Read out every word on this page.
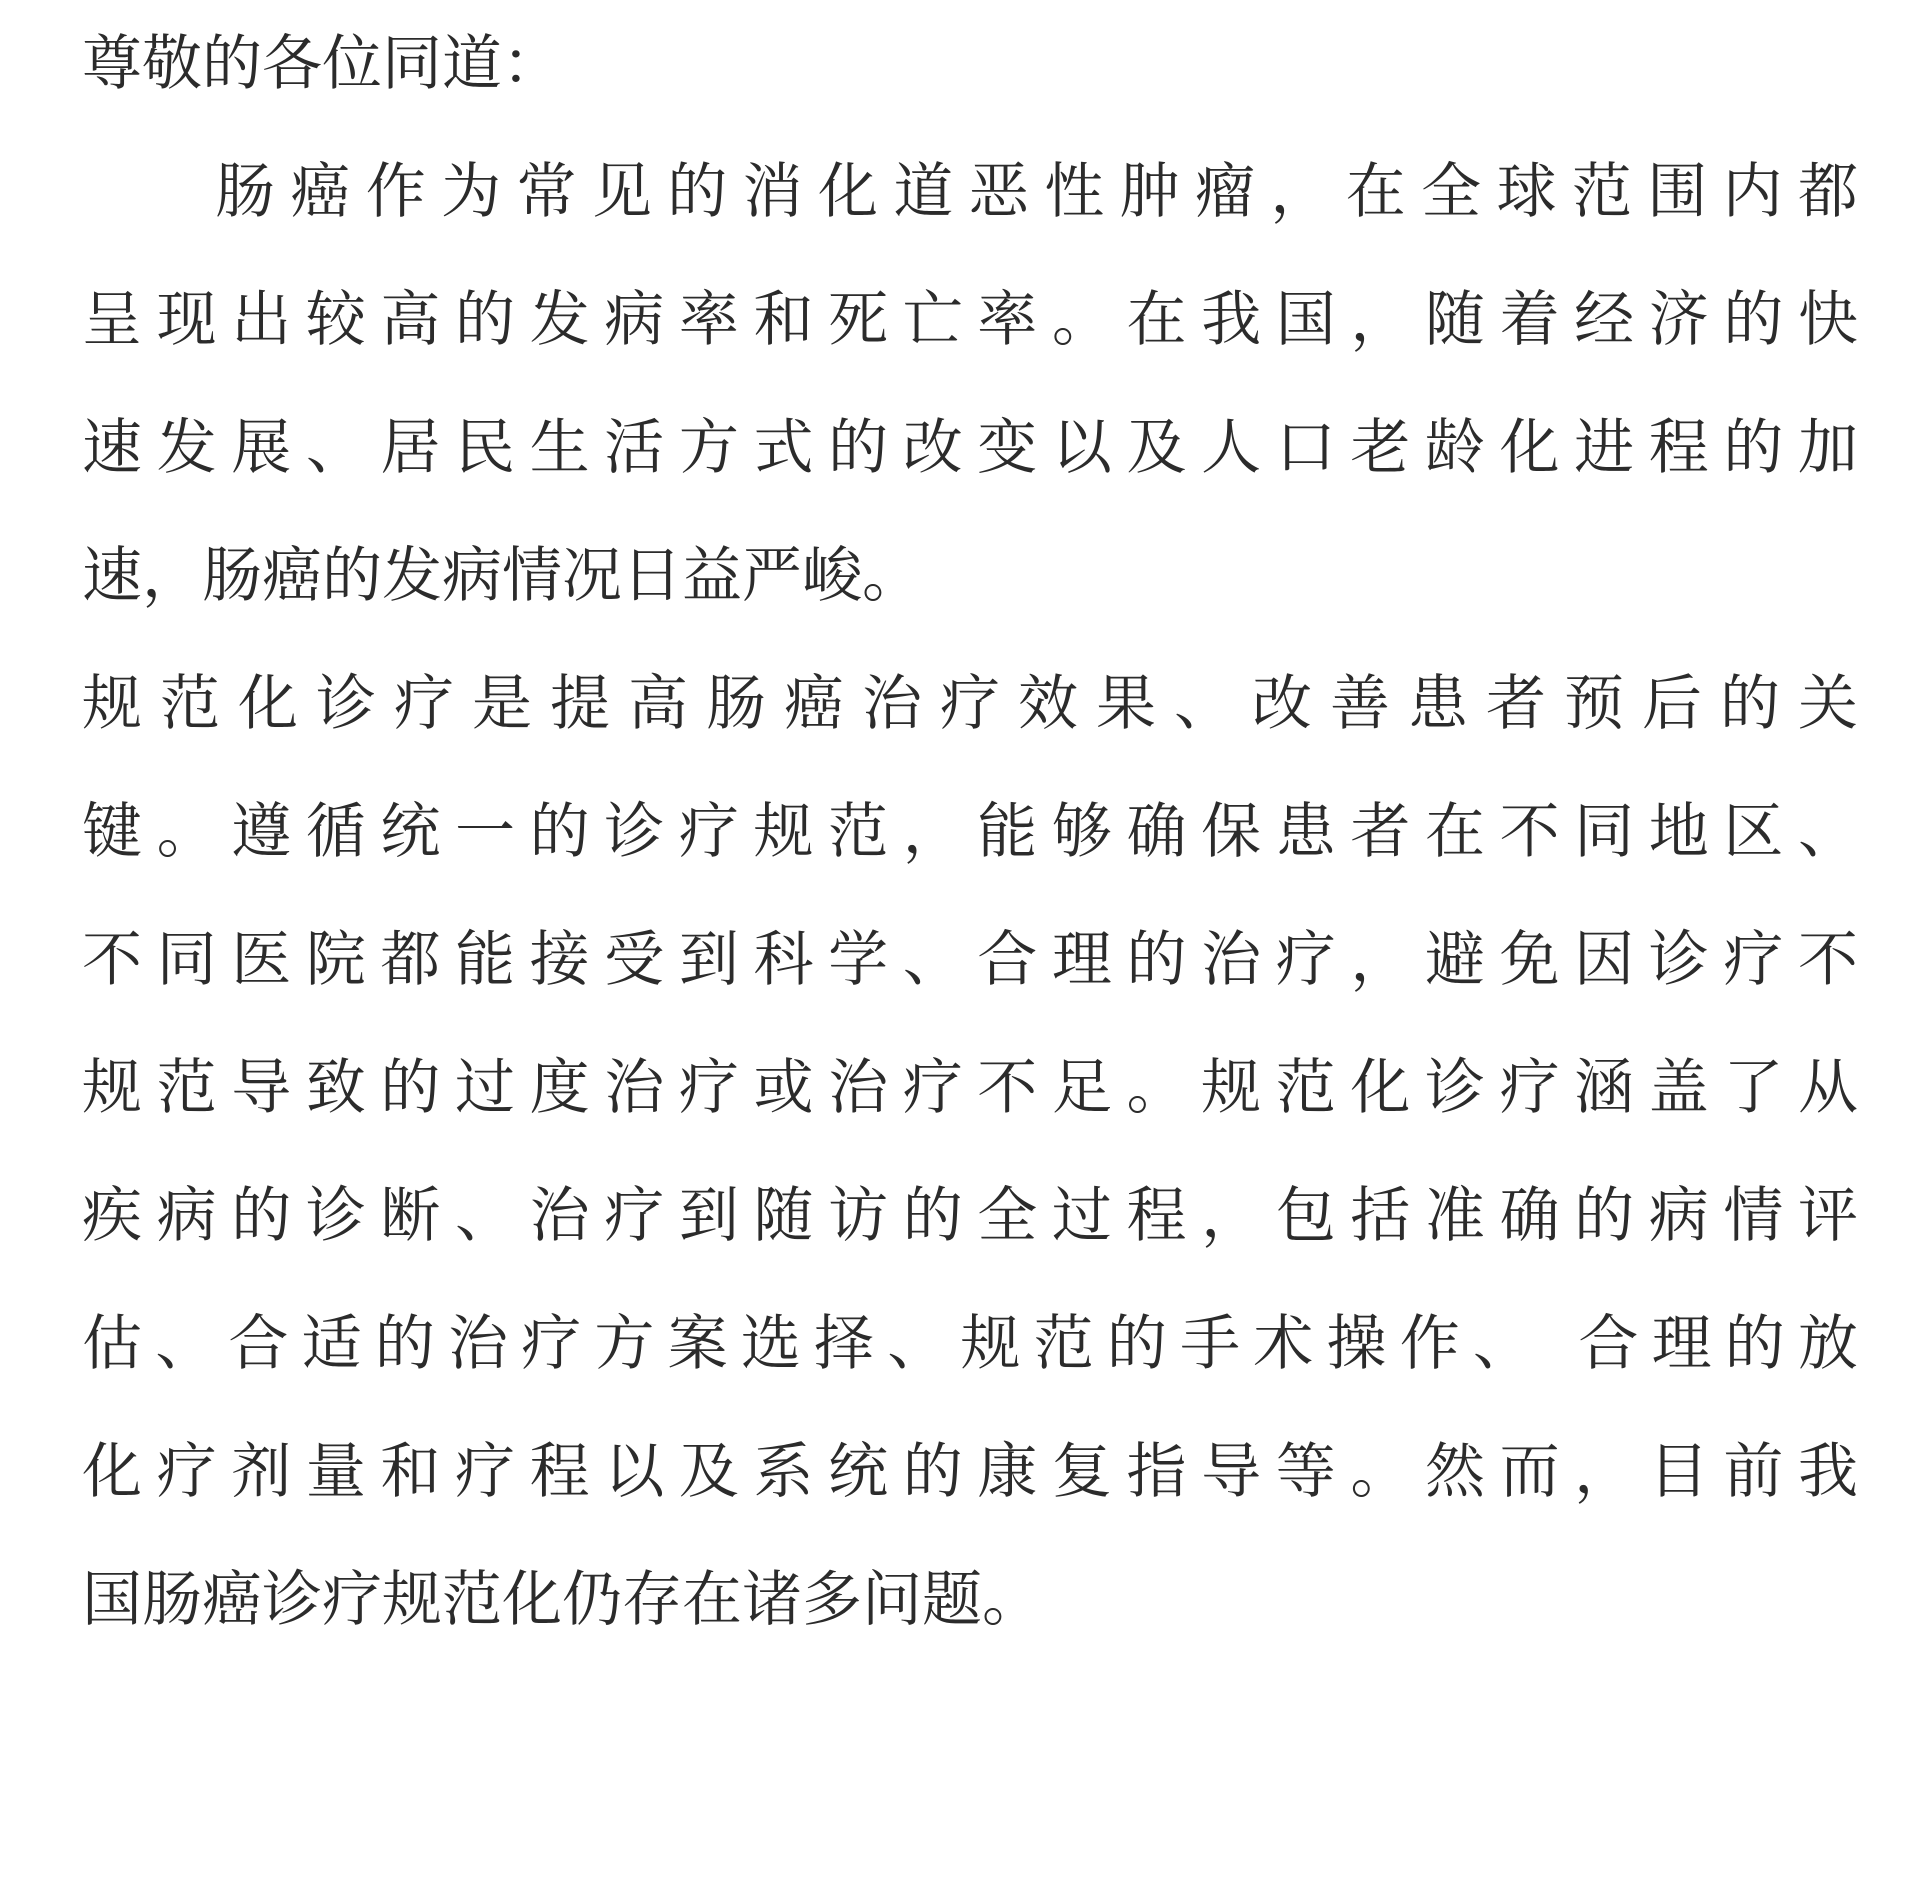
尊敬的各位同道：
肠癌作为常见的消化道恶性肿瘤，在全球范围内都
呈现出较高的发病率和死亡率。在我国，随着经济的快
速发展、居民生活方式的改变以及人口老龄化进程的加
速，肠癌的发病情况日益严峻。
规范化诊疗是提高肠癌治疗效果、改善患者预后的关
键。遵循统一的诊疗规范，能够确保患者在不同地区、
不同医院都能接受到科学、合理的治疗，避免因诊疗不
规范导致的过度治疗或治疗不足。规范化诊疗涵盖了从
疾病的诊断、治疗到随访的全过程，包括准确的病情评
估、合适的治疗方案选择、规范的手术操作、 合理的放
化疗剂量和疗程以及系统的康复指导等。然而，目前我
国肠癌诊疗规范化仍存在诸多问题。
